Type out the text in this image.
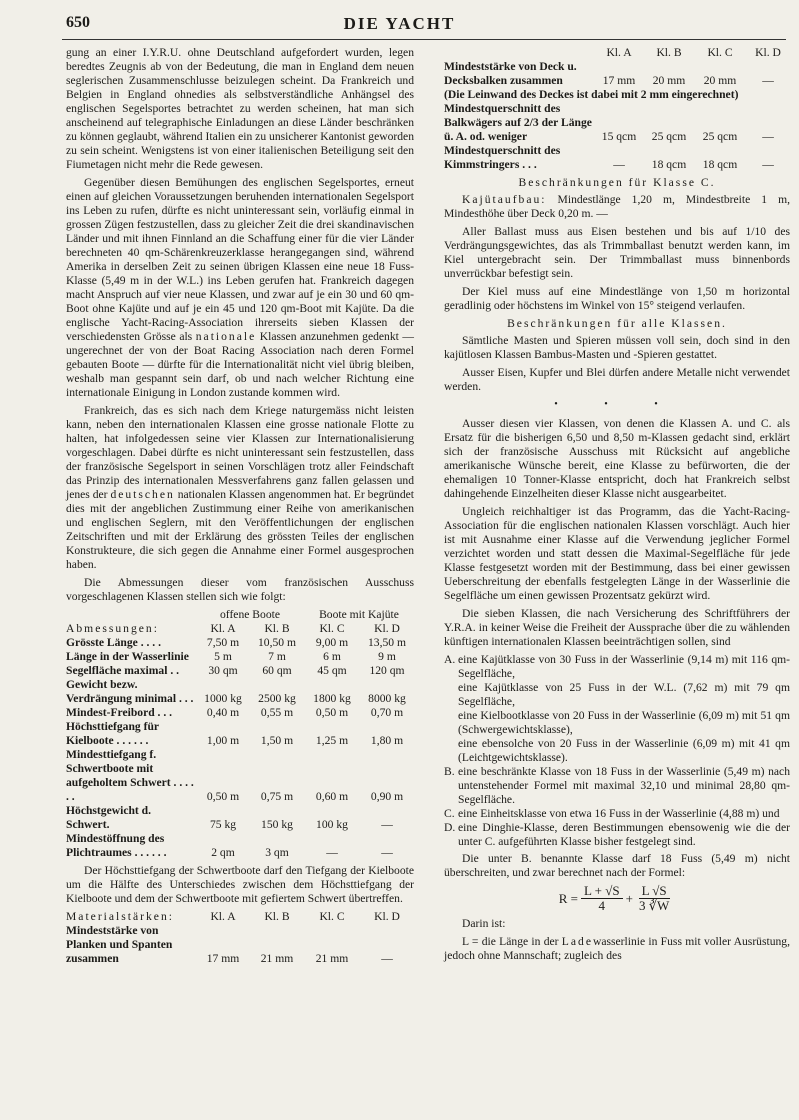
650	DIE YACHT

gung an einer I.Y.R.U. ohne Deutschland aufgefordert wurden, legen beredtes Zeugnis ab von der Bedeutung, die man in England dem neuen seglerischen Zusammenschlusse beizulegen scheint. Da Frankreich und Belgien in England ohnedies als selbstverständliche Anhängsel des englischen Segelsportes betrachtet zu werden scheinen, hat man sich anscheinend auf telegraphische Einladungen an diese Länder beschränken zu können geglaubt, während Italien ein zu unsicherer Kantonist geworden zu sein scheint. Wenigstens ist von einer italienischen Beteiligung seit den Fiumetagen nicht mehr die Rede gewesen.

Gegenüber diesen Bemühungen des englischen Segelsportes, erneut einen auf gleichen Voraussetzungen beruhenden internationalen Segelsport ins Leben zu rufen, dürfte es nicht uninteressant sein, vorläufig einmal in grossen Zügen festzustellen, dass zu gleicher Zeit die drei skandinavischen Länder und mit ihnen Finnland an die Schaffung einer für die vier Länder berechneten 40 qm-Schärenkreuzerklasse herangegangen sind, während Amerika in derselben Zeit zu seinen übrigen Klassen eine neue 18 Fuss-Klasse (5,49 m in der W.L.) ins Leben gerufen hat. Frankreich dagegen macht Anspruch auf vier neue Klassen, und zwar auf je ein 30 und 60 qm-Boot ohne Kajüte und auf je ein 45 und 120 qm-Boot mit Kajüte. Da die englische Yacht-Racing-Association ihrerseits sieben Klassen der verschiedensten Grösse als nationale Klassen anzunehmen gedenkt — ungerechnet der von der Boat Racing Association nach deren Formel gebauten Boote — dürfte für die Internationalität nicht viel übrig bleiben, weshalb man gespannt sein darf, ob und nach welcher Richtung eine internationale Einigung in London zustande kommen wird.

Frankreich, das es sich nach dem Kriege naturgemäss nicht leisten kann, neben den internationalen Klassen eine grosse nationale Flotte zu halten, hat infolgedessen seine vier Klassen zur Internationalisierung vorgeschlagen. Dabei dürfte es nicht uninteressant sein festzustellen, dass der französische Segelsport in seinen Vorschlägen trotz aller Feindschaft das Prinzip des internationalen Messverfahrens ganz fallen gelassen und jenes der deutschen nationalen Klassen angenommen hat. Er begründet dies mit der angeblichen Zustimmung einer Reihe von amerikanischen und englischen Seglern, mit den Veröffentlichungen der englischen Zeitschriften und mit der Erklärung des grössten Teiles der englischen Konstrukteure, die sich gegen die Annahme einer Formel ausgesprochen haben.

Die Abmessungen dieser vom französischen Ausschuss vorgeschlagenen Klassen stellen sich wie folgt:

	offene Boote		Boote mit Kajüte	
Abmessungen:	Kl. A	Kl. B	Kl. C	Kl. D
Grösste Länge . . . .	7,50 m	10,50 m	9,00 m	13,50 m
Länge in der Wasserlinie	5 m	7 m	6 m	9 m
Segelfläche maximal . .	30 qm	60 qm	45 qm	120 qm
Gewicht bezw. Verdrängung minimal . . .	1000 kg	2500 kg	1800 kg	8000 kg
Mindest-Freibord . . .	0,40 m	0,55 m	0,50 m	0,70 m
Höchsttiefgang für Kielboote . . . . . .	1,00 m	1,50 m	1,25 m	1,80 m
Mindesttiefgang f. Schwertboote mit aufgeholtem Schwert . . . . . .	0,50 m	0,75 m	0,60 m	0,90 m
Höchstgewicht d. Schwert.	75 kg	150 kg	100 kg	—
Mindestöffnung des Plichtraumes . . . . . .	2 qm	3 qm	—	—

Der Höchsttiefgang der Schwertboote darf den Tiefgang der Kielboote um die Hälfte des Unterschiedes zwischen dem Höchsttiefgang der Kielboote und dem der Schwertboote mit gefiertem Schwert übertreffen.

Materialstärken:	Kl. A	Kl. B	Kl. C	Kl. D
Mindeststärke von Planken und Spanten zusammen	17 mm	21 mm	21 mm	—
	Kl. A	Kl. B	Kl. C	Kl. D
Mindeststärke von Deck u. Decksbalken zusammen	17 mm	20 mm	20 mm	—
(Die Leinwand des Deckes ist dabei mit 2 mm eingerechnet)				
Mindestquerschnitt des Balkwägers auf 2/3 der Länge ü. A. od. weniger	15 qcm	25 qcm	25 qcm	—
Mindestquerschnitt des Kimmstringers . . .	—	18 qcm	18 qcm	—
Beschränkungen für Klasse C.

Kajütaufbau: Mindestlänge 1,20 m, Mindestbreite 1 m, Mindesthöhe über Deck 0,20 m. —

Aller Ballast muss aus Eisen bestehen und bis auf 1/10 des Verdrängungsgewichtes, das als Trimmballast benutzt werden kann, im Kiel untergebracht sein. Der Trimmballast muss binnenbords unverrückbar befestigt sein.

Der Kiel muss auf eine Mindestlänge von 1,50 m horizontal geradlinig oder höchstens im Winkel von 15° steigend verlaufen.

Beschränkungen für alle Klassen.

Sämtliche Masten und Spieren müssen voll sein, doch sind in den kajütlosen Klassen Bambus-Masten und -Spieren gestattet.

Ausser Eisen, Kupfer und Blei dürfen andere Metalle nicht verwendet werden.

• • •

Ausser diesen vier Klassen, von denen die Klassen A. und C. als Ersatz für die bisherigen 6,50 und 8,50 m-Klassen gedacht sind, erklärt sich der französische Ausschuss mit Rücksicht auf angebliche amerikanische Wünsche bereit, eine Klasse zu befürworten, die der ehemaligen 10 Tonner-Klasse entspricht, doch hat Frankreich selbst dahingehende Einzelheiten dieser Klasse nicht ausgearbeitet.

Ungleich reichhaltiger ist das Programm, das die Yacht-Racing-Association für die englischen nationalen Klassen vorschlägt. Auch hier ist mit Ausnahme einer Klasse auf die Verwendung jeglicher Formel verzichtet worden und statt dessen die Maximal-Segelfläche für jede Klasse festgesetzt worden mit der Bestimmung, dass bei einer gewissen Ueberschreitung der ebenfalls festgelegten Länge in der Wasserlinie die Segelfläche um einen gewissen Prozentsatz gekürzt wird.

Die sieben Klassen, die nach Versicherung des Schriftführers der Y.R.A. in keiner Weise die Freiheit der Aussprache über die zu wählenden künftigen internationalen Klassen beeinträchtigen sollen, sind

A. eine Kajütklasse von 30 Fuss in der Wasserlinie (9,14 m) mit 116 qm-Segelfläche,
eine Kajütklasse von 25 Fuss in der W.L. (7,62 m) mit 79 qm Segelfläche,
eine Kielbootklasse von 20 Fuss in der Wasserlinie (6,09 m) mit 51 qm (Schwergewichtsklasse),
eine ebensolche von 20 Fuss in der Wasserlinie (6,09 m) mit 41 qm (Leichtgewichtsklasse).
B. eine beschränkte Klasse von 18 Fuss in der Wasserlinie (5,49 m) nach untenstehender Formel mit maximal 32,10 und minimal 28,80 qm-Segelfläche.
C. eine Einheitsklasse von etwa 16 Fuss in der Wasserlinie (4,88 m) und
D. eine Dinghie-Klasse, deren Bestimmungen ebensowenig wie die der unter C. aufgeführten Klasse bisher festgelegt sind.

Die unter B. benannte Klasse darf 18 Fuss (5,49 m) nicht überschreiten, und zwar berechnet nach der Formel:

$R = \frac{L + √S}{4} + \frac{L √S}{3 ∛W}$

Darin ist:

L = die Länge in der Ladewasserlinie in Fuss mit voller Ausrüstung, jedoch ohne Mannschaft; zugleich des
